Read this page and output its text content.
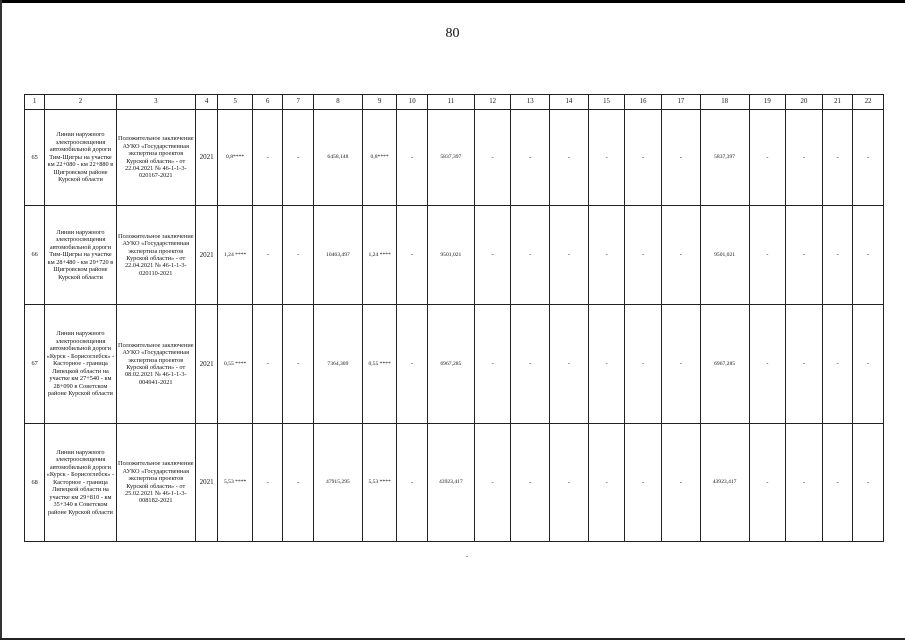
80
1	2	3	4	5	6	7	8	9	10	11	12	13	14	15	16	17	18	19	20	21	22
65	Линии наружного электроосвещения автомобильной дороги Тим-Щигры на участке км 22+080 - км 22+880 в Щигровском районе Курской области	Положительное заключение АУКО «Государственная экспертиза проектов Курской области» - от 22.04.2021 № 46-1-1-3-020167-2021	2021	0,8****	-	-	6458,148	0,8****	-	5837,397	-	-	-	-	-	-	5837,397	-	-	-	-
66	Линии наружного электроосвещения автомобильной дороги Тим-Щигры на участке км 28+480 - км 29+720 в Щигровском районе Курской области	Положительное заключение АУКО «Государственная экспертиза проектов Курской области» - от 22.04.2021 № 46-1-1-3-020110-2021	2021	1,24 ****	-	-	10463,497	1,24 ****	-	9501,021	-	-	-	-	-	-	9501,021	-	-	-	-
67	Линии наружного электроосвещения автомобильной дороги «Курск - Борисоглебск» - Касторное - граница Липецкой области на участке км 27+540 - км 28+090 в Советском районе Курской области	Положительное заключение АУКО «Государственная экспертиза проектов Курской области» - от 08.02.2021 № 46-1-1-3-004941-2021	2021	0,55 ****	-	-	7364,309	0,55 ****	-	6967,285	-	-	-	-	-	-	6967,285	-	-	-	-
68	Линии наружного электроосвещения автомобильной дороги «Курск - Борисоглебск» - Касторное - граница Липецкой области на участке км 29+810 - км 35+340 в Советском районе Курской области	Положительное заключение АУКО «Государственная экспертиза проектов Курской области» - от 25.02.2021 № 46-1-1-3-008182-2021	2021	5,53 ****	-	-	47915,295	5,53 ****	-	43923,417	-	-	-	-	-	-	43923,417	-	-	-	-
